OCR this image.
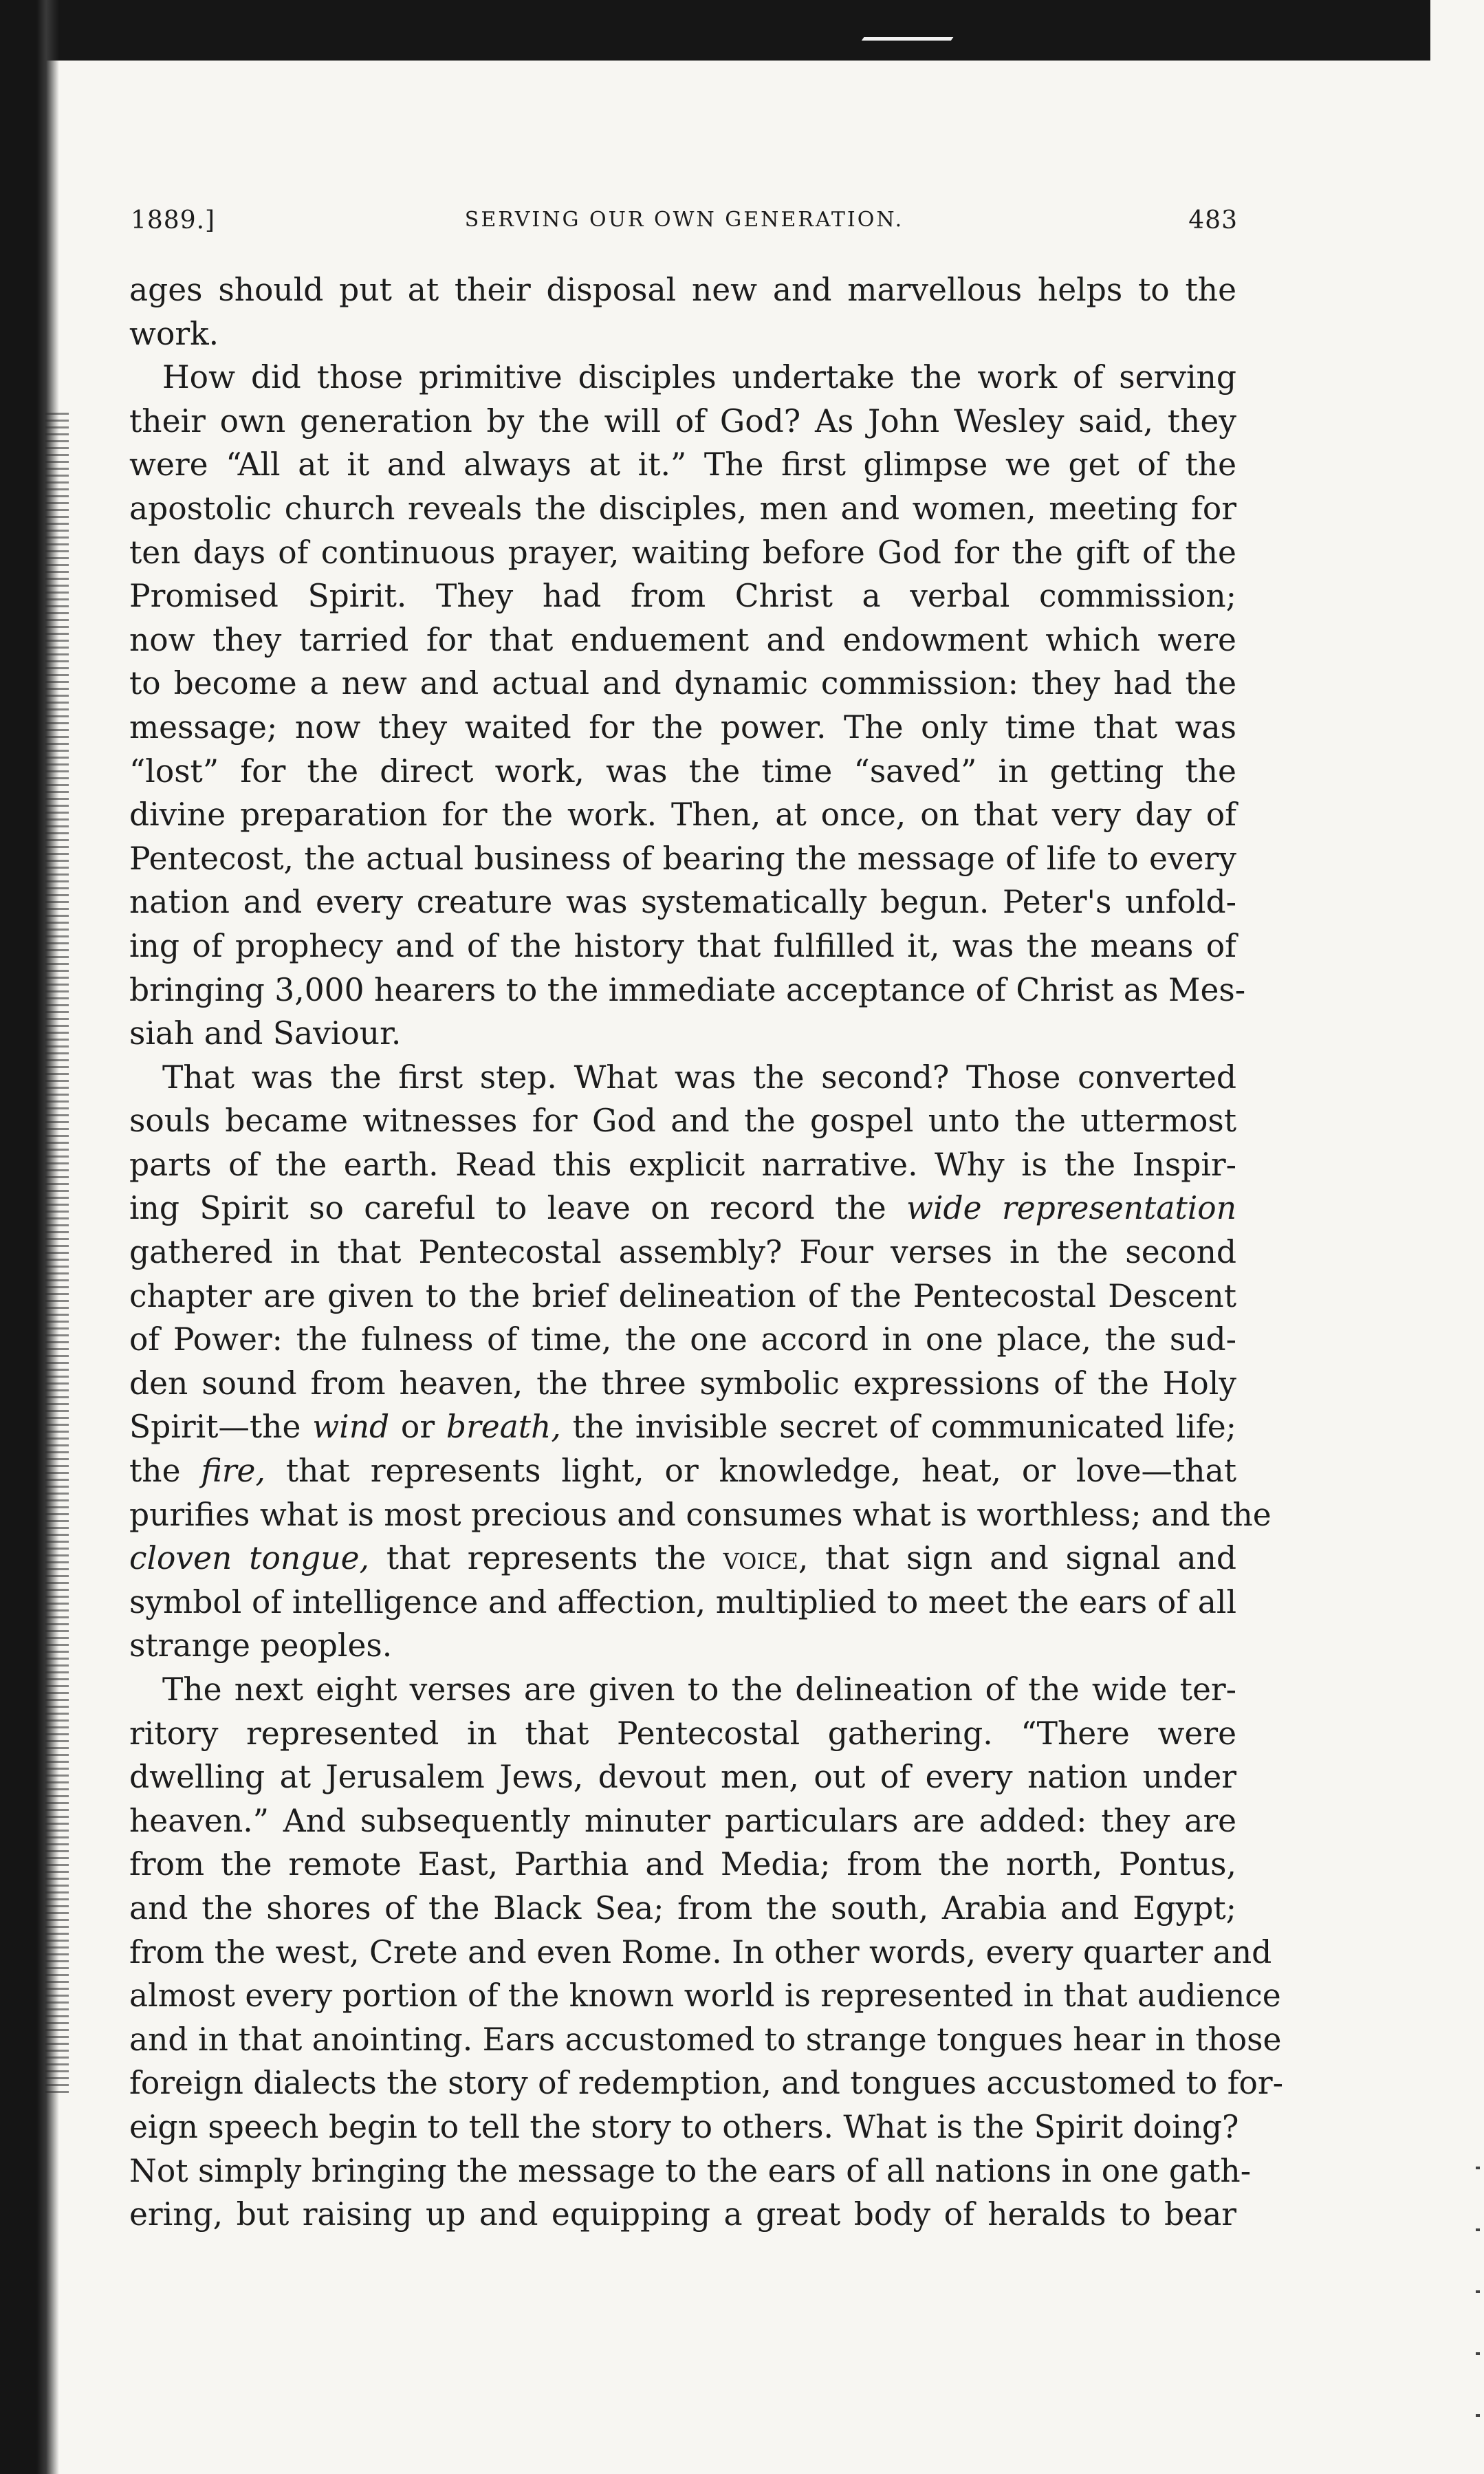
1889.]	SERVING OUR OWN GENERATION.	483
ages should put at their disposal new and marvellous helps to the
work.
How did those primitive disciples undertake the work of serving
their own generation by the will of God? As John Wesley said, they
were “All at it and always at it.” The first glimpse we get of the
apostolic church reveals the disciples, men and women, meeting for
ten days of continuous prayer, waiting before God for the gift of the
Promised Spirit. They had from Christ a verbal commission;
now they tarried for that enduement and endowment which were
to become a new and actual and dynamic commission: they had the
message; now they waited for the power. The only time that was
“lost” for the direct work, was the time “saved” in getting the
divine preparation for the work. Then, at once, on that very day of
Pentecost, the actual business of bearing the message of life to every
nation and every creature was systematically begun. Peter's unfold-
ing of prophecy and of the history that fulfilled it, was the means of
bringing 3,000 hearers to the immediate acceptance of Christ as Mes-
siah and Saviour.
That was the first step. What was the second? Those converted
souls became witnesses for God and the gospel unto the uttermost
parts of the earth. Read this explicit narrative. Why is the Inspir-
ing Spirit so careful to leave on record the wide representation
gathered in that Pentecostal assembly? Four verses in the second
chapter are given to the brief delineation of the Pentecostal Descent
of Power: the fulness of time, the one accord in one place, the sud-
den sound from heaven, the three symbolic expressions of the Holy
Spirit—the wind or breath, the invisible secret of communicated life;
the fire, that represents light, or knowledge, heat, or love—that
purifies what is most precious and consumes what is worthless; and the
cloven tongue, that represents the voice, that sign and signal and
symbol of intelligence and affection, multiplied to meet the ears of all
strange peoples.
The next eight verses are given to the delineation of the wide ter-
ritory represented in that Pentecostal gathering. “There were
dwelling at Jerusalem Jews, devout men, out of every nation under
heaven.” And subsequently minuter particulars are added: they are
from the remote East, Parthia and Media; from the north, Pontus,
and the shores of the Black Sea; from the south, Arabia and Egypt;
from the west, Crete and even Rome. In other words, every quarter and
almost every portion of the known world is represented in that audience
and in that anointing. Ears accustomed to strange tongues hear in those
foreign dialects the story of redemption, and tongues accustomed to for-
eign speech begin to tell the story to others. What is the Spirit doing?
Not simply bringing the message to the ears of all nations in one gath-
ering, but raising up and equipping a great body of heralds to bear
